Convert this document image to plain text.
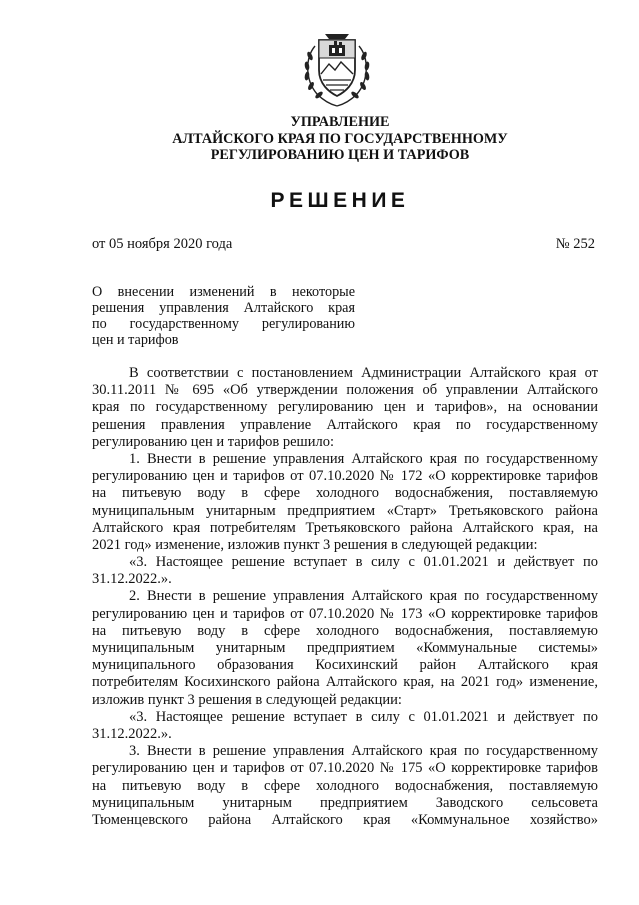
УПРАВЛЕНИЕ
АЛТАЙСКОГО КРАЯ ПО ГОСУДАРСТВЕННОМУ
РЕГУЛИРОВАНИЮ ЦЕН И ТАРИФОВ
РЕШЕНИЕ
от 05 ноября 2020 года	№ 252
О внесении изменений в некоторые
решения управления Алтайского края
по государственному регулированию
цен и тарифов
В соответствии с постановлением Администрации Алтайского края от
30.11.2011 № 695 «Об утверждении положения об управлении Алтайского
края по государственному регулированию цен и тарифов», на основании
решения правления управление Алтайского края по государственному
регулированию цен и тарифов решило:
1. Внести в решение управления Алтайского края по государственному
регулированию цен и тарифов от 07.10.2020 № 172 «О корректировке тарифов
на питьевую воду в сфере холодного водоснабжения, поставляемую
муниципальным унитарным предприятием «Старт» Третьяковского района
Алтайского края потребителям Третьяковского района Алтайского края, на
2021 год» изменение, изложив пункт 3 решения в следующей редакции:
«3. Настоящее решение вступает в силу с 01.01.2021 и действует по
31.12.2022.».
2. Внести в решение управления Алтайского края по государственному
регулированию цен и тарифов от 07.10.2020 № 173 «О корректировке тарифов
на питьевую воду в сфере холодного водоснабжения, поставляемую
муниципальным унитарным предприятием «Коммунальные системы»
муниципального образования Косихинский район Алтайского края
потребителям Косихинского района Алтайского края, на 2021 год» изменение,
изложив пункт 3 решения в следующей редакции:
«3. Настоящее решение вступает в силу с 01.01.2021 и действует по
31.12.2022.».
3. Внести в решение управления Алтайского края по государственному
регулированию цен и тарифов от 07.10.2020 № 175 «О корректировке тарифов
на питьевую воду в сфере холодного водоснабжения, поставляемую
муниципальным унитарным предприятием Заводского сельсовета
Тюменцевского района Алтайского края «Коммунальное хозяйство»
